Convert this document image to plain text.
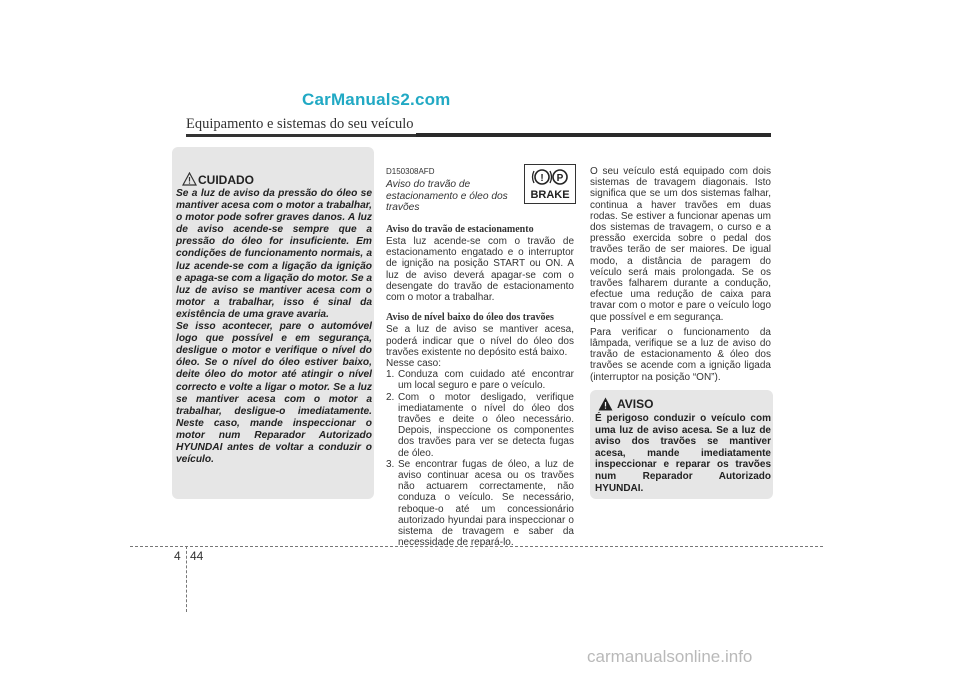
CarManuals2.com
Equipamento e sistemas do seu veículo
CUIDADO

Se a luz de aviso da pressão do óleo se mantiver acesa com o motor a trabalhar, o motor pode sofrer graves danos. A luz de aviso acende-se sempre que a pressão do óleo for insuficiente. Em condições de funcionamento normais, a luz acende-se com a ligação da ignição e apaga-se com a ligação do motor. Se a luz de aviso se mantiver acesa com o motor a trabalhar, isso é sinal da existência de uma grave avaria.

Se isso acontecer, pare o automóvel logo que possível e em segurança, desligue o motor e verifique o nível do óleo. Se o nível do óleo estiver baixo, deite óleo do motor até atingir o nível correcto e volte a ligar o motor. Se a luz se mantiver acesa com o motor a trabalhar, desligue-o imediatamente. Neste caso, mande inspeccionar o motor num Reparador Autorizado HYUNDAI antes de voltar a conduzir o veículo.

! P
BRAKE
D150308AFD
Aviso do travão de estacionamento e óleo dos travões
Aviso do travão de estacionamento

Esta luz acende-se com o travão de estacionamento engatado e o interruptor de ignição na posição START ou ON. A luz de aviso deverá apagar-se com o desengate do travão de estacionamento com o motor a trabalhar.

Aviso de nível baixo do óleo dos travões

Se a luz de aviso se mantiver acesa, poderá indicar que o nível do óleo dos travões existente no depósito está baixo.

Nesse caso:

1. Conduza com cuidado até encontrar um local seguro e pare o veículo.
2. Com o motor desligado, verifique imediatamente o nível do óleo dos travões e deite o óleo necessário. Depois, inspeccione os componentes dos travões para ver se detecta fugas de óleo.
3. Se encontrar fugas de óleo, a luz de aviso continuar acesa ou os travões não actuarem correctamente, não conduza o veículo. Se necessário, reboque-o até um concessionário autorizado hyundai para inspeccionar o sistema de travagem e saber da necessidade de repará-lo.

O seu veículo está equipado com dois sistemas de travagem diagonais. Isto significa que se um dos sistemas falhar, continua a haver travões em duas rodas. Se estiver a funcionar apenas um dos sistemas de travagem, o curso e a pressão exercida sobre o pedal dos travões terão de ser maiores. De igual modo, a distância de paragem do veículo será mais prolongada. Se os travões falharem durante a condução, efectue uma redução de caixa para travar com o motor e pare o veículo logo que possível e em segurança.

Para verificar o funcionamento da lâmpada, verifique se a luz de aviso do travão de estacionamento & óleo dos travões se acende com a ignição ligada (interruptor na posição “ON”).

AVISO
É perigoso conduzir o veículo com uma luz de aviso acesa. Se a luz de aviso dos travões se mantiver acesa, mande imediatamente inspeccionar e reparar os travões num Reparador Autorizado HYUNDAI.
4 44
carmanualsonline.info
